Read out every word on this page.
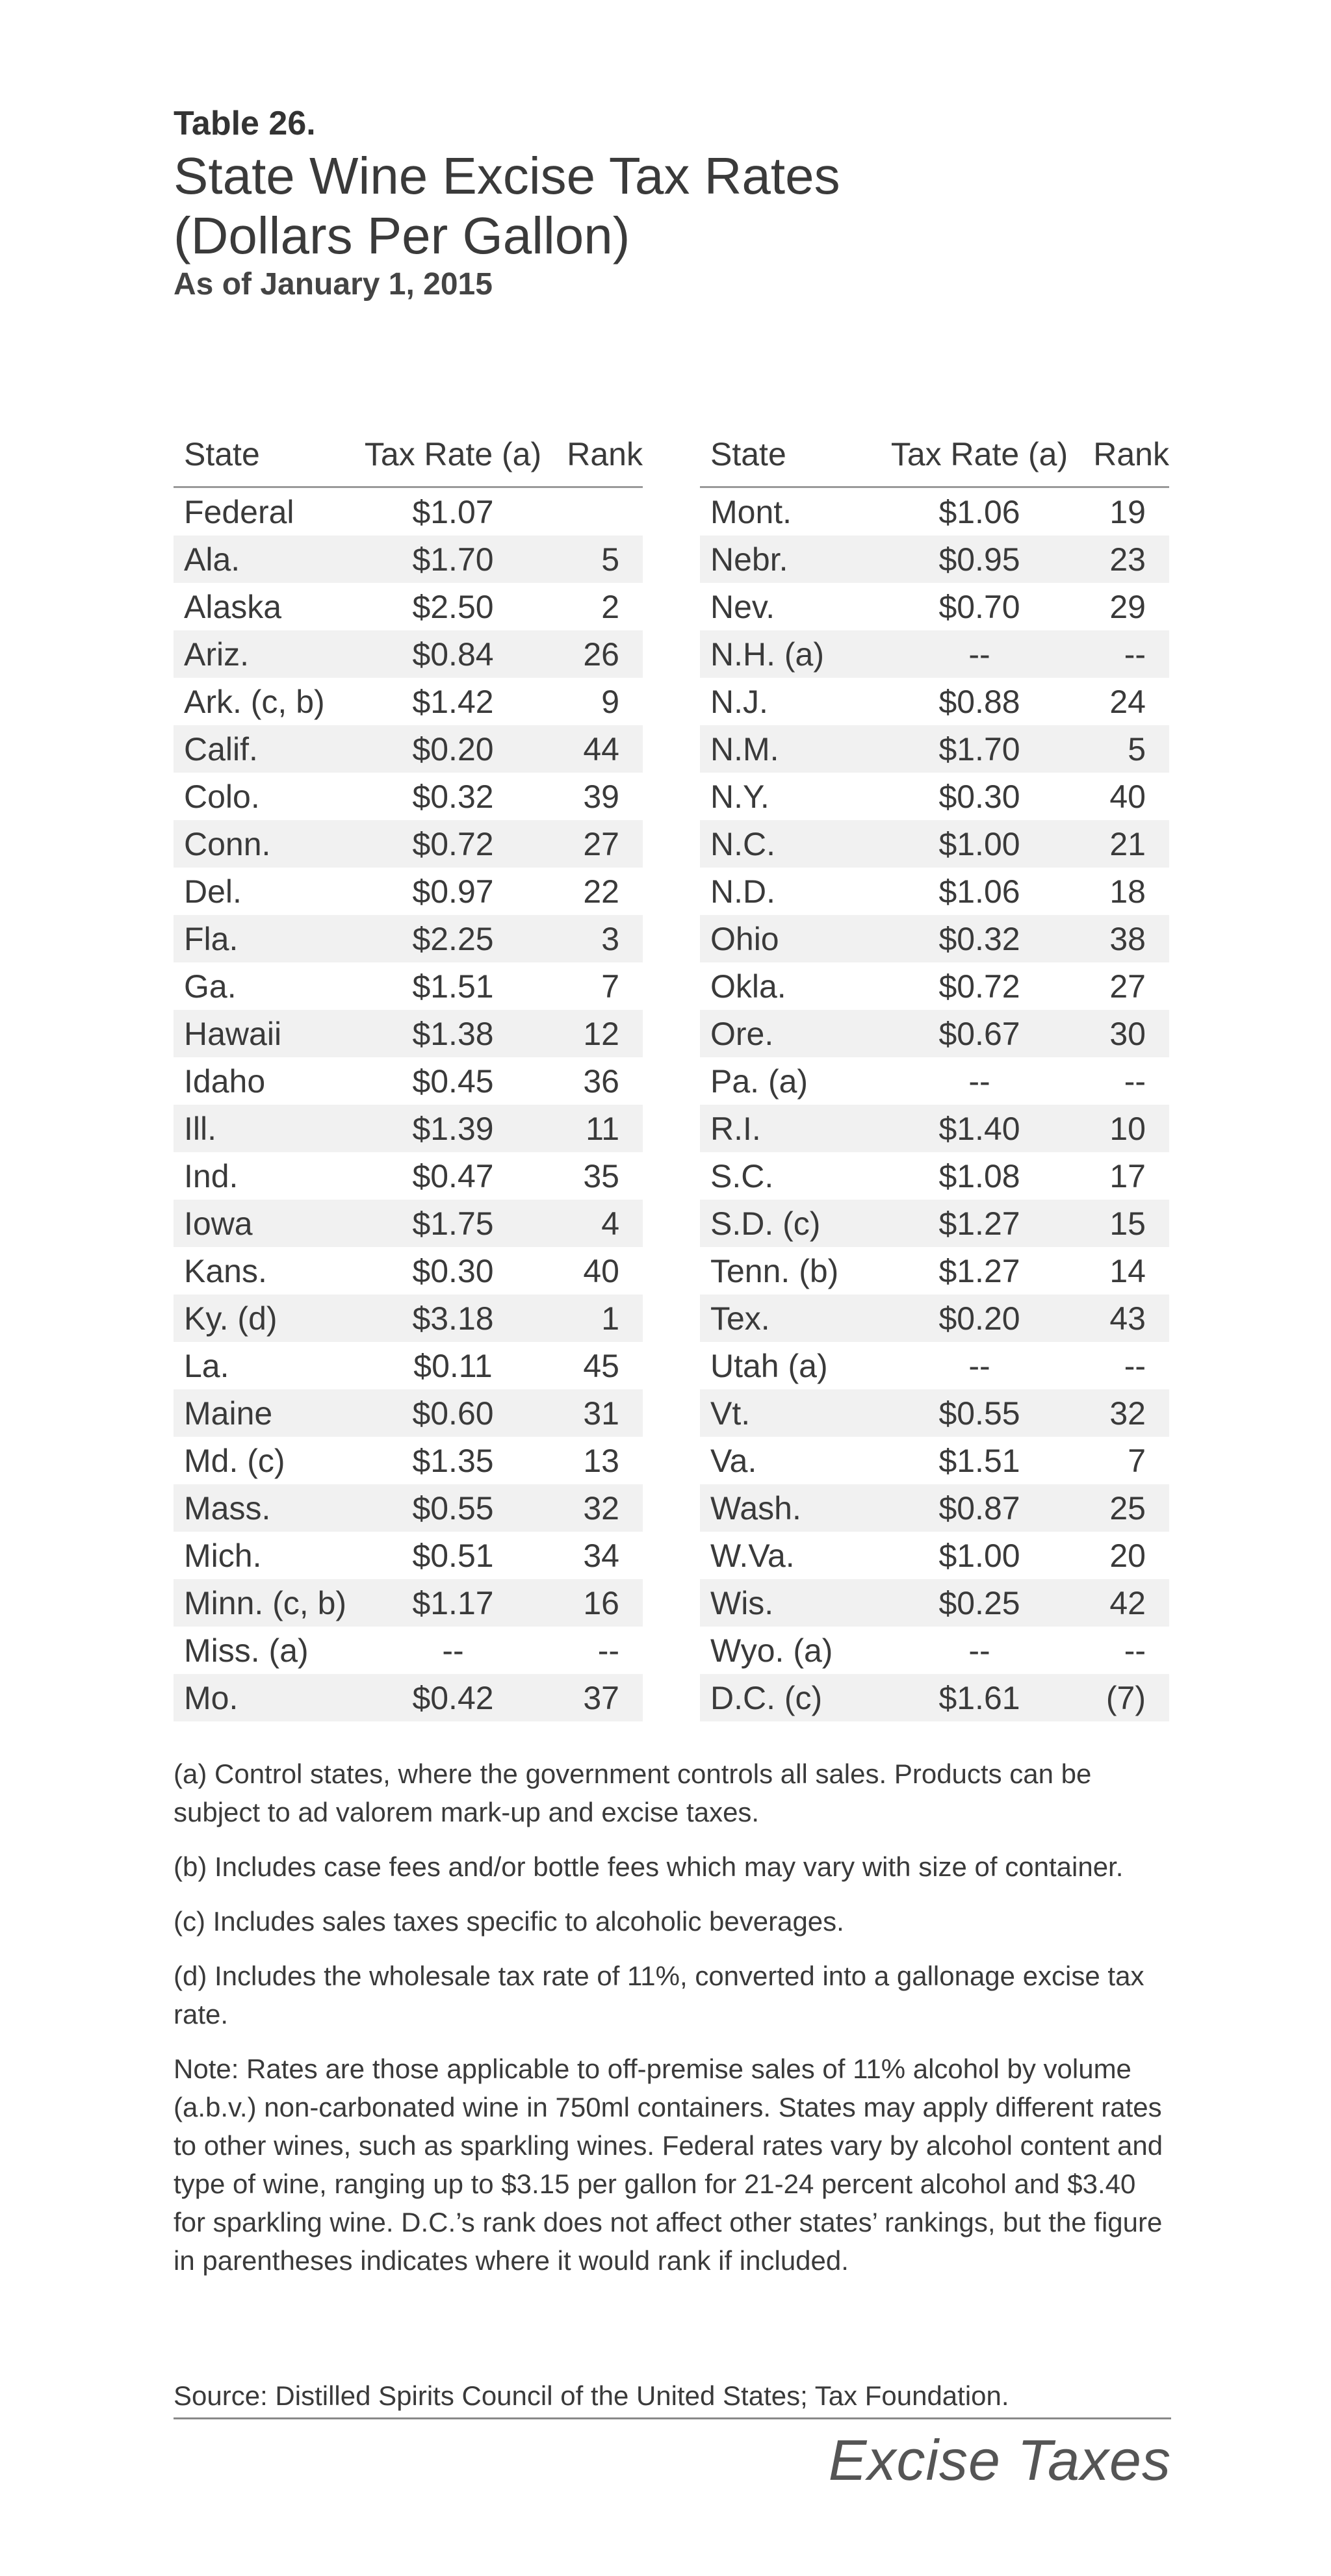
Table 26.
State Wine Excise Tax Rates
(Dollars Per Gallon)
As of January 1, 2015
State	Tax Rate (a)	Rank
Federal	$1.07	
Ala.	$1.70	5
Alaska	$2.50	2
Ariz.	$0.84	26
Ark. (c, b)	$1.42	9
Calif.	$0.20	44
Colo.	$0.32	39
Conn.	$0.72	27
Del.	$0.97	22
Fla.	$2.25	3
Ga.	$1.51	7
Hawaii	$1.38	12
Idaho	$0.45	36
Ill.	$1.39	11
Ind.	$0.47	35
Iowa	$1.75	4
Kans.	$0.30	40
Ky. (d)	$3.18	1
La.	$0.11	45
Maine	$0.60	31
Md. (c)	$1.35	13
Mass.	$0.55	32
Mich.	$0.51	34
Minn. (c, b)	$1.17	16
Miss. (a)	--	--
Mo.	$0.42	37
State	Tax Rate (a)	Rank
Mont.	$1.06	19
Nebr.	$0.95	23
Nev.	$0.70	29
N.H. (a)	--	--
N.J.	$0.88	24
N.M.	$1.70	5
N.Y.	$0.30	40
N.C.	$1.00	21
N.D.	$1.06	18
Ohio	$0.32	38
Okla.	$0.72	27
Ore.	$0.67	30
Pa. (a)	--	--
R.I.	$1.40	10
S.C.	$1.08	17
S.D. (c)	$1.27	15
Tenn. (b)	$1.27	14
Tex.	$0.20	43
Utah (a)	--	--
Vt.	$0.55	32
Va.	$1.51	7
Wash.	$0.87	25
W.Va.	$1.00	20
Wis.	$0.25	42
Wyo. (a)	--	--
D.C. (c)	$1.61	(7)

(a) Control states, where the government controls all sales. Products can be subject to ad valorem mark-up and excise taxes.

(b) Includes case fees and/or bottle fees which may vary with size of container.

(c) Includes sales taxes specific to alcoholic beverages.

(d) Includes the wholesale tax rate of 11%, converted into a gallonage excise tax rate.

Note: Rates are those applicable to off-premise sales of 11% alcohol by volume (a.b.v.) non-carbonated wine in 750ml containers. States may apply different rates to other wines, such as sparkling wines. Federal rates vary by alcohol content and type of wine, ranging up to $3.15 per gallon for 21-24 percent alcohol and $3.40 for sparkling wine. D.C.’s rank does not affect other states’ rankings, but the figure in parentheses indicates where it would rank if included.

Source: Distilled Spirits Council of the United States; Tax Foundation.
Excise Taxes
